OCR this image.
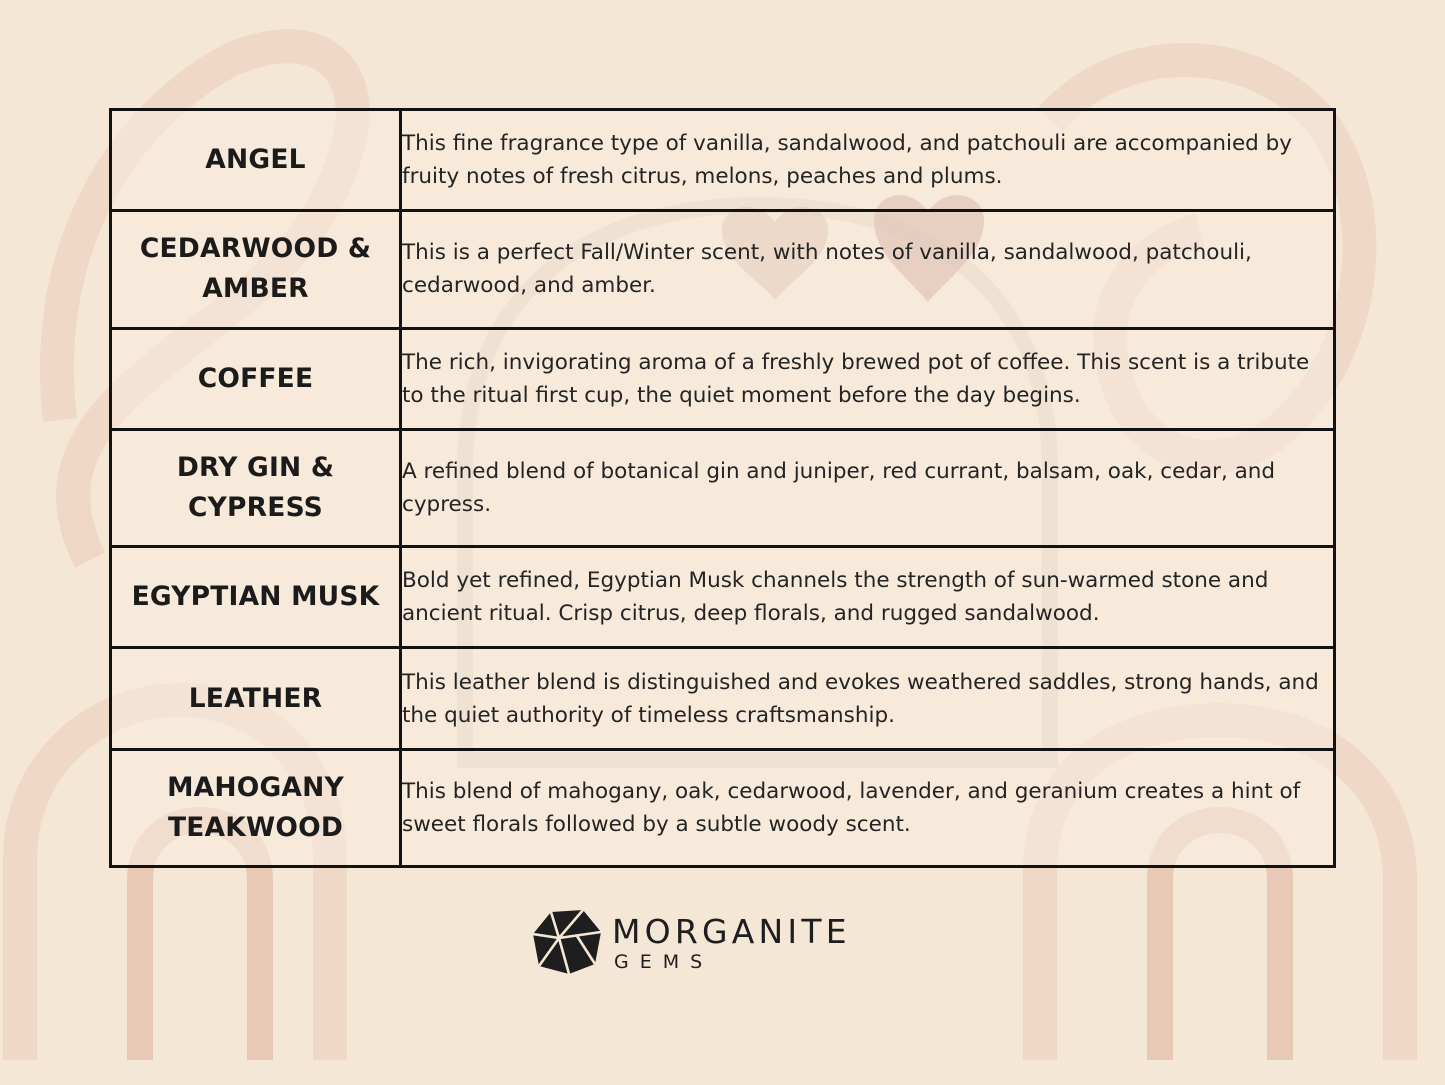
ANGEL	This fine fragrance type of vanilla, sandalwood, and patchouli are accompanied by fruity notes of fresh citrus, melons, peaches and plums.
CEDARWOOD & AMBER	This is a perfect Fall/Winter scent, with notes of vanilla, sandalwood, patchouli, cedarwood, and amber.
COFFEE	The rich, invigorating aroma of a freshly brewed pot of coffee. This scent is a tribute to the ritual first cup, the quiet moment before the day begins.
DRY GIN & CYPRESS	A refined blend of botanical gin and juniper, red currant, balsam, oak, cedar, and cypress.
EGYPTIAN MUSK	Bold yet refined, Egyptian Musk channels the strength of sun-warmed stone and ancient ritual. Crisp citrus, deep florals, and rugged sandalwood.
LEATHER	This leather blend is distinguished and evokes weathered saddles, strong hands, and the quiet authority of timeless craftsmanship.
MAHOGANY TEAKWOOD	This blend of mahogany, oak, cedarwood, lavender, and geranium creates a hint of sweet florals followed by a subtle woody scent.
MORGANITE
GEMS
